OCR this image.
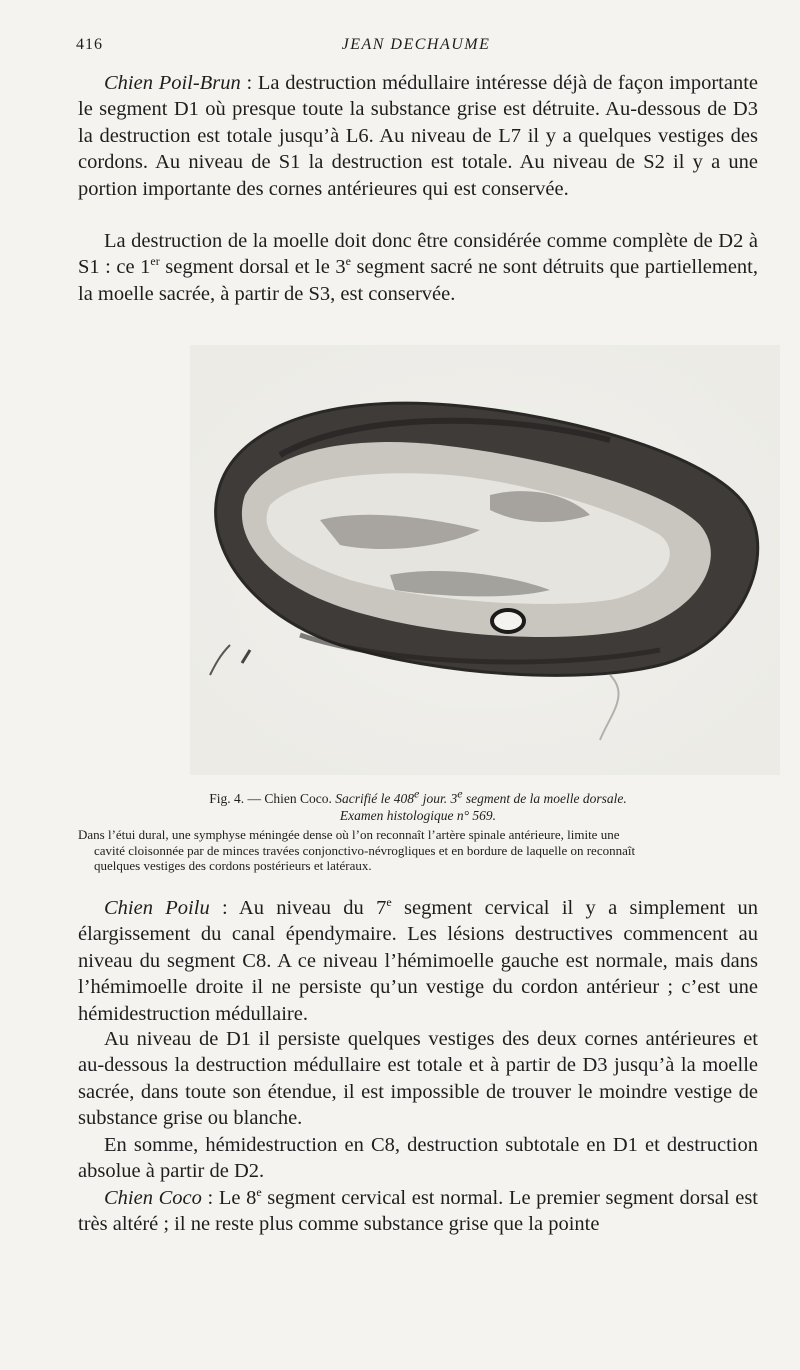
416	JEAN DECHAUME

Chien Poil-Brun : La destruction médullaire intéresse déjà de façon importante le segment D1 où presque toute la substance grise est détruite. Au-dessous de D3 la destruction est totale jusqu’à L6. Au niveau de L7 il y a quelques vestiges des cordons. Au niveau de S1 la destruction est totale. Au niveau de S2 il y a une portion importante des cornes antérieures qui est conservée.

La destruction de la moelle doit donc être considérée comme complète de D2 à S1 : ce 1er segment dorsal et le 3e segment sacré ne sont détruits que partiellement, la moelle sacrée, à partir de S3, est conservée.

Fig. 4. — Chien Coco. Sacrifié le 408e jour. 3e segment de la moelle dorsale.
Examen histologique n° 569.
Dans l’étui dural, une symphyse méningée dense où l’on reconnaît l’artère spinale antérieure, limite une
cavité cloisonnée par de minces travées conjonctivo-névrogliques et en bordure de laquelle on reconnaît
quelques vestiges des cordons postérieurs et latéraux.

Chien Poilu : Au niveau du 7e segment cervical il y a simplement un élargissement du canal épendymaire. Les lésions destructives commencent au niveau du segment C8. A ce niveau l’hémimoelle gauche est normale, mais dans l’hémimoelle droite il ne persiste qu’un vestige du cordon antérieur ; c’est une hémidestruction médullaire.

Au niveau de D1 il persiste quelques vestiges des deux cornes antérieures et au-dessous la destruction médullaire est totale et à partir de D3 jusqu’à la moelle sacrée, dans toute son étendue, il est impossible de trouver le moindre vestige de substance grise ou blanche.

En somme, hémidestruction en C8, destruction subtotale en D1 et destruction absolue à partir de D2.

Chien Coco : Le 8e segment cervical est normal. Le premier segment dorsal est très altéré ; il ne reste plus comme substance grise que la pointe
